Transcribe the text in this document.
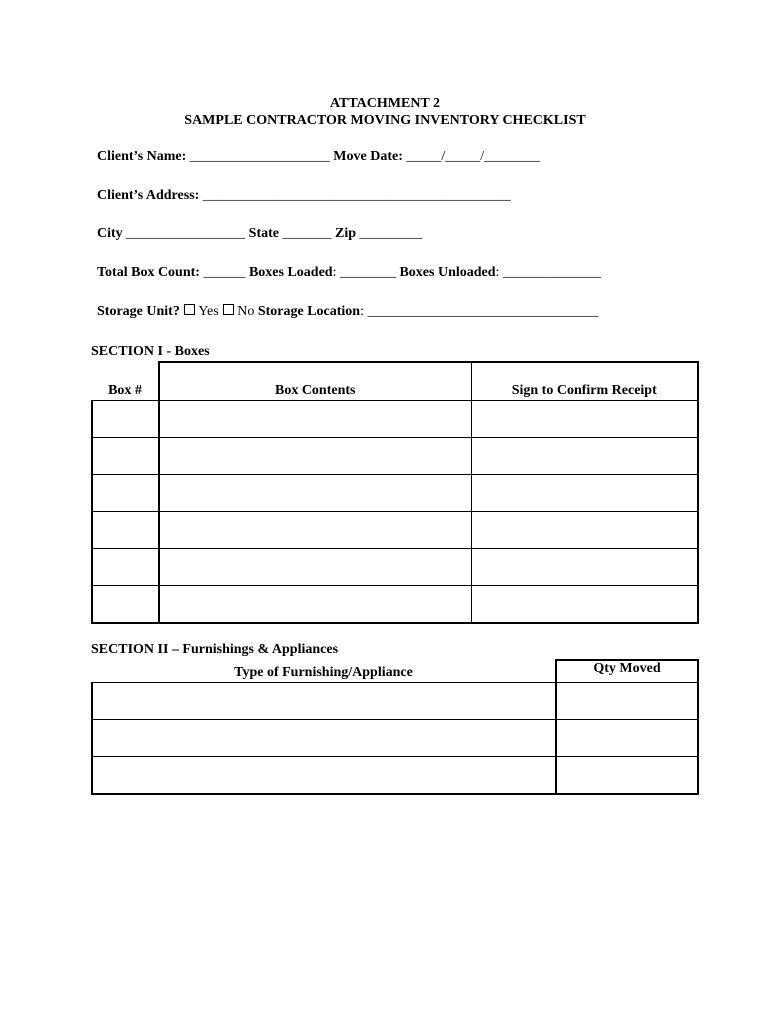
ATTACHMENT 2
SAMPLE CONTRACTOR MOVING INVENTORY CHECKLIST
Client’s Name: ____________________ Move Date: _____/_____/________
Client’s Address: ____________________________________________
City _________________ State _______ Zip _________
Total Box Count: ______ Boxes Loaded: ________ Boxes Unloaded: ______________
Storage Unit? Yes No Storage Location: _________________________________
SECTION I - Boxes
Box #	Box Contents	Sign to Confirm Receipt

SECTION II – Furnishings & Appliances
Type of Furnishing/Appliance	Qty Moved
